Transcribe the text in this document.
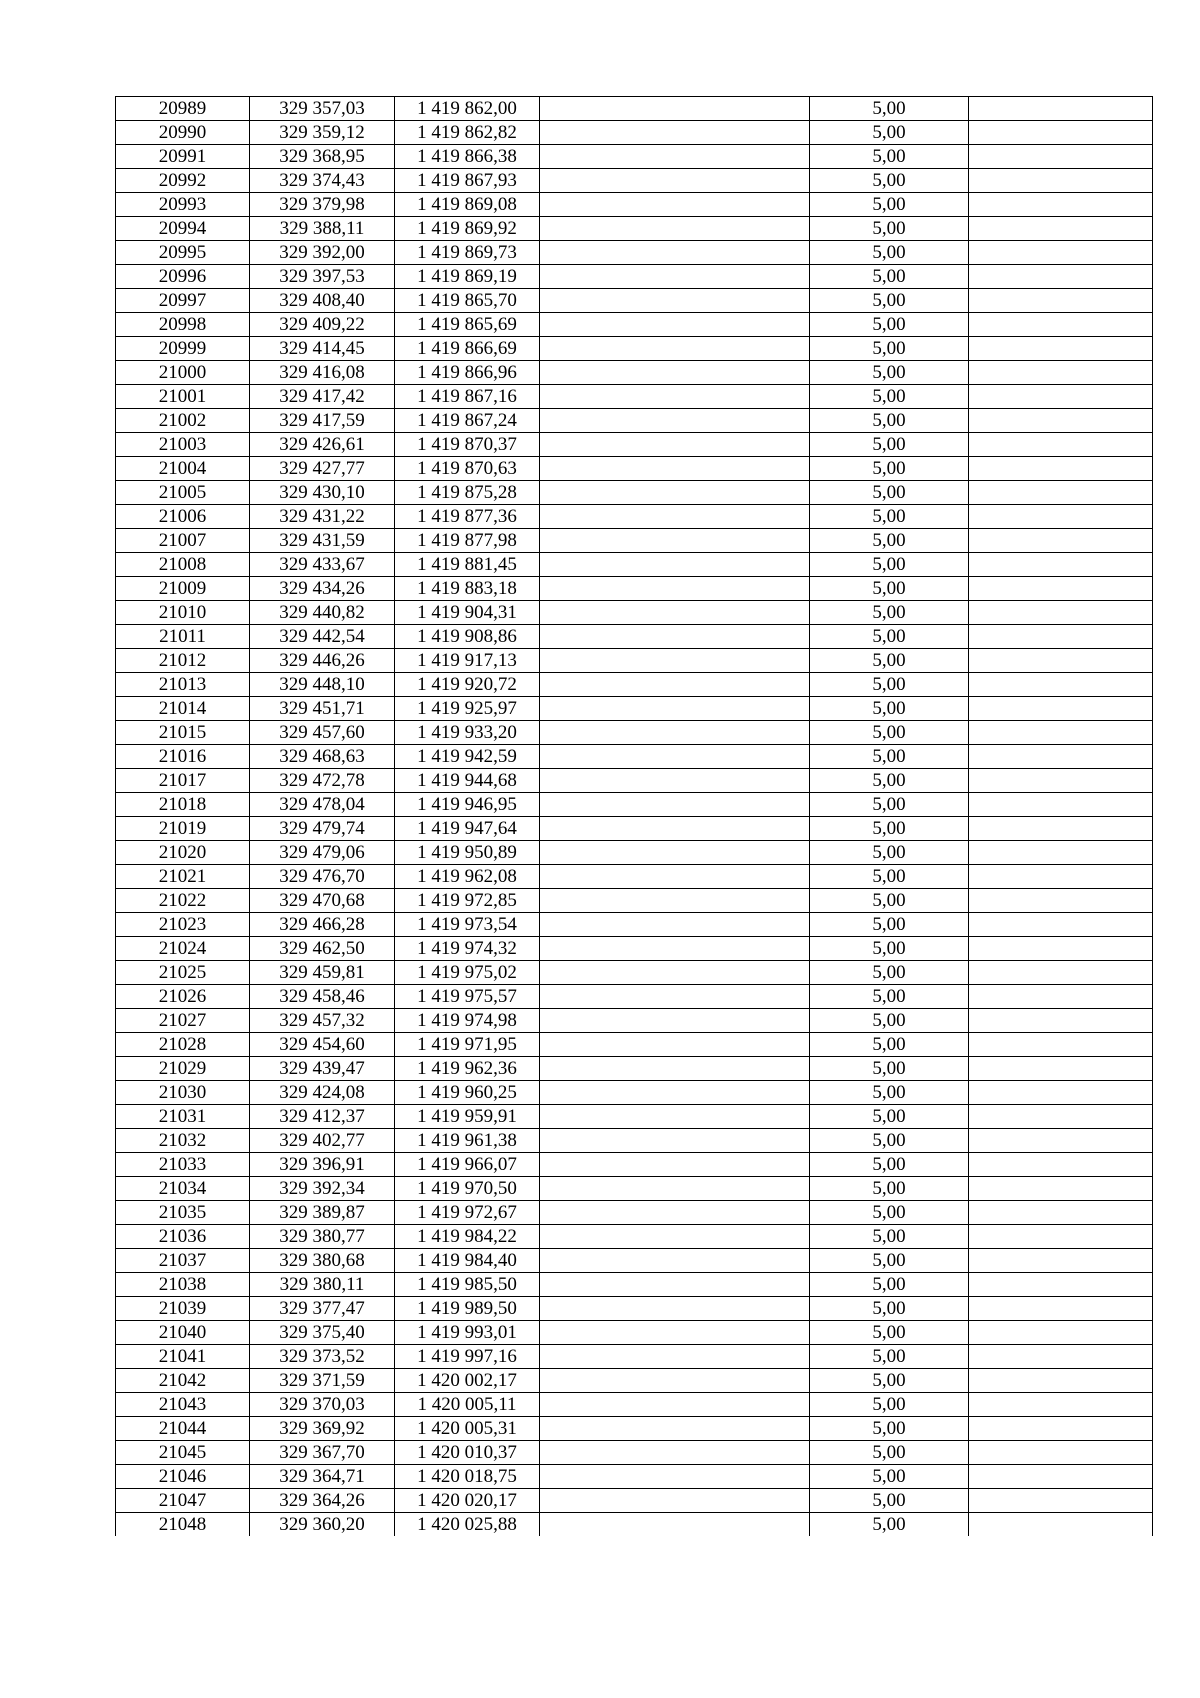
20989	329 357,03	1 419 862,00		5,00	
20990	329 359,12	1 419 862,82		5,00	
20991	329 368,95	1 419 866,38		5,00	
20992	329 374,43	1 419 867,93		5,00	
20993	329 379,98	1 419 869,08		5,00	
20994	329 388,11	1 419 869,92		5,00	
20995	329 392,00	1 419 869,73		5,00	
20996	329 397,53	1 419 869,19		5,00	
20997	329 408,40	1 419 865,70		5,00	
20998	329 409,22	1 419 865,69		5,00	
20999	329 414,45	1 419 866,69		5,00	
21000	329 416,08	1 419 866,96		5,00	
21001	329 417,42	1 419 867,16		5,00	
21002	329 417,59	1 419 867,24		5,00	
21003	329 426,61	1 419 870,37		5,00	
21004	329 427,77	1 419 870,63		5,00	
21005	329 430,10	1 419 875,28		5,00	
21006	329 431,22	1 419 877,36		5,00	
21007	329 431,59	1 419 877,98		5,00	
21008	329 433,67	1 419 881,45		5,00	
21009	329 434,26	1 419 883,18		5,00	
21010	329 440,82	1 419 904,31		5,00	
21011	329 442,54	1 419 908,86		5,00	
21012	329 446,26	1 419 917,13		5,00	
21013	329 448,10	1 419 920,72		5,00	
21014	329 451,71	1 419 925,97		5,00	
21015	329 457,60	1 419 933,20		5,00	
21016	329 468,63	1 419 942,59		5,00	
21017	329 472,78	1 419 944,68		5,00	
21018	329 478,04	1 419 946,95		5,00	
21019	329 479,74	1 419 947,64		5,00	
21020	329 479,06	1 419 950,89		5,00	
21021	329 476,70	1 419 962,08		5,00	
21022	329 470,68	1 419 972,85		5,00	
21023	329 466,28	1 419 973,54		5,00	
21024	329 462,50	1 419 974,32		5,00	
21025	329 459,81	1 419 975,02		5,00	
21026	329 458,46	1 419 975,57		5,00	
21027	329 457,32	1 419 974,98		5,00	
21028	329 454,60	1 419 971,95		5,00	
21029	329 439,47	1 419 962,36		5,00	
21030	329 424,08	1 419 960,25		5,00	
21031	329 412,37	1 419 959,91		5,00	
21032	329 402,77	1 419 961,38		5,00	
21033	329 396,91	1 419 966,07		5,00	
21034	329 392,34	1 419 970,50		5,00	
21035	329 389,87	1 419 972,67		5,00	
21036	329 380,77	1 419 984,22		5,00	
21037	329 380,68	1 419 984,40		5,00	
21038	329 380,11	1 419 985,50		5,00	
21039	329 377,47	1 419 989,50		5,00	
21040	329 375,40	1 419 993,01		5,00	
21041	329 373,52	1 419 997,16		5,00	
21042	329 371,59	1 420 002,17		5,00	
21043	329 370,03	1 420 005,11		5,00	
21044	329 369,92	1 420 005,31		5,00	
21045	329 367,70	1 420 010,37		5,00	
21046	329 364,71	1 420 018,75		5,00	
21047	329 364,26	1 420 020,17		5,00	
21048	329 360,20	1 420 025,88		5,00	
